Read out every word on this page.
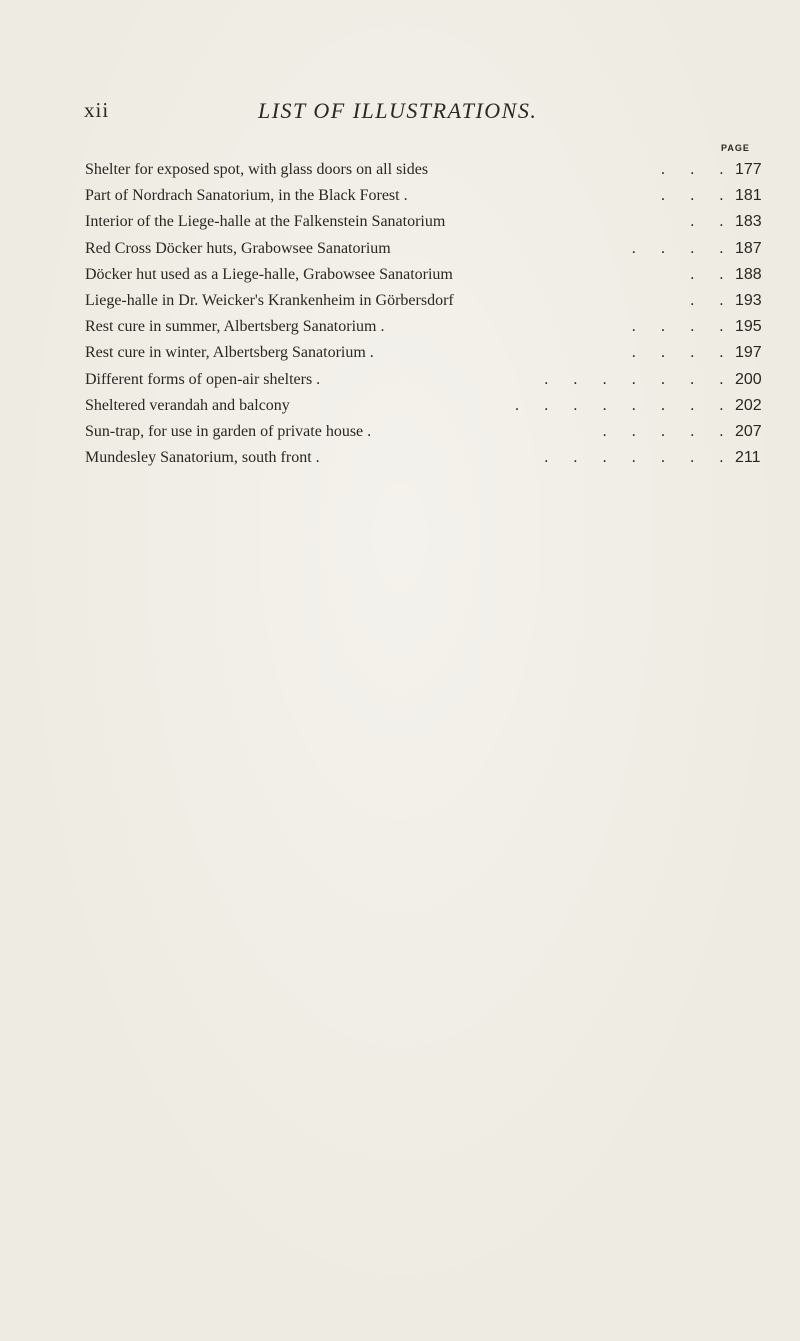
xii	LIST OF ILLUSTRATIONS.
PAGE
Shelter for exposed spot, with glass doors on all sides	. . . 177
Part of Nordrach Sanatorium, in the Black Forest .	. . . 181
Interior of the Liege-halle at the Falkenstein Sanatorium	. . 183
Red Cross Döcker huts, Grabowsee Sanatorium	. . . . 187
Döcker hut used as a Liege-halle, Grabowsee Sanatorium	. . 188
Liege-halle in Dr. Weicker's Krankenheim in Görbersdorf	. . 193
Rest cure in summer, Albertsberg Sanatorium .	. . . . 195
Rest cure in winter, Albertsberg Sanatorium .	. . . . 197
Different forms of open-air shelters .	. . . . . . . 200
Sheltered verandah and balcony	. . . . . . . . 202
Sun-trap, for use in garden of private house .	. . . . . 207
Mundesley Sanatorium, south front .	. . . . . . . 211
